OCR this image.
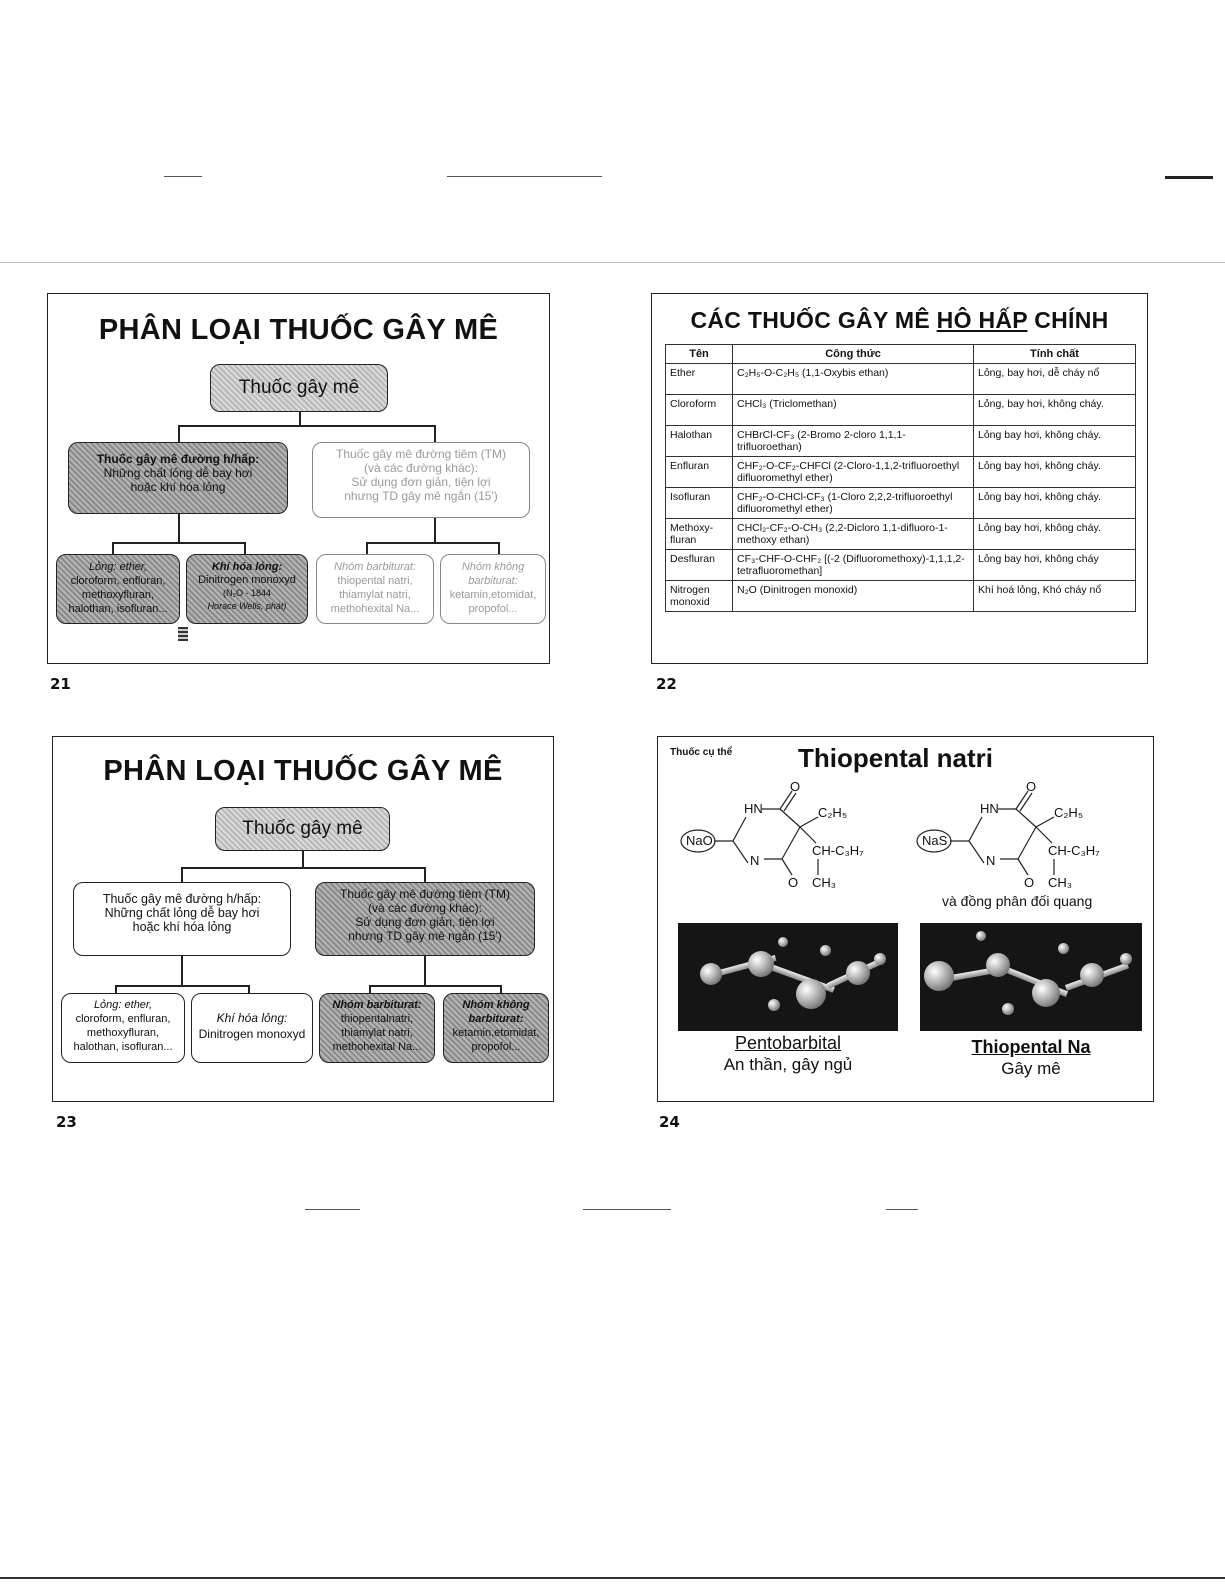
PHÂN LOẠI THUỐC GÂY MÊ
Thuốc gây mê
Thuốc gây mê đường h/hấp:
Những chất lỏng dễ bay hơi
hoặc khí hóa lỏng
Thuốc gây mê đường tiêm (TM)
(và các đường khác):
Sử dụng đơn giản, tiện lợi
nhưng TD gây mê ngắn (15')
Lỏng: ether,
cloroform, enfluran,
methoxyfluran,
halothan, isofluran...
Khí hóa lỏng:
Dinitrogen monoxyd
(N₂O - 1844
Horace Wells, phát)
Nhóm barbiturat:
thiopental natri,
thiamylat natri,
methohexital Na...
Nhóm không
barbiturat:
ketamin,etomidat,
propofol...
21
CÁC THUỐC GÂY MÊ HÔ HẤP CHÍNH
Tên	Công thức	Tính chất
Ether	C₂H₅-O-C₂H₅ (1,1-Oxybis ethan)	Lỏng, bay hơi, dễ cháy nổ
Cloroform	CHCl₃ (Triclomethan)	Lỏng, bay hơi, không cháy.
Halothan	CHBrCl-CF₃ (2-Bromo 2-cloro 1,1,1-trifluoroethan)	Lỏng bay hơi, không cháy.
Enfluran	CHF₂-O-CF₂-CHFCl (2-Cloro-1,1,2-trifluoroethyl difluoromethyl ether)	Lỏng bay hơi, không cháy.
Isofluran	CHF₂-O-CHCl-CF₃ (1-Cloro 2,2,2-trifluoroethyl difluoromethyl ether)	Lỏng bay hơi, không cháy.
Methoxy-fluran	CHCl₂-CF₂-O-CH₃ (2,2-Dicloro 1,1-difluoro-1-methoxy ethan)	Lỏng bay hơi, không cháy.
Desfluran	CF₃-CHF-O-CHF₂ [(-2 (Difluoromethoxy)-1,1,1,2-tetrafluoromethan]	Lỏng bay hơi, không cháy
Nitrogen monoxid	N₂O (Dinitrogen monoxid)	Khí hoá lỏng, Khó cháy nổ
22
PHÂN LOẠI THUỐC GÂY MÊ
Thuốc gây mê
Thuốc gây mê đường h/hấp:
Những chất lỏng dễ bay hơi
hoặc khí hóa lỏng
Thuốc gây mê đường tiêm (TM)
(và các đường khác):
Sử dụng đơn giản, tiện lợi
nhưng TD gây mê ngắn (15')
Lỏng: ether,
cloroform, enfluran,
methoxyfluran,
halothan, isofluran...
Khí hóa lỏng:
Dinitrogen monoxyd
Nhóm barbiturat:
thiopentalnatri,
thiamylat natri,
methohexital Na...
Nhóm không
barbiturat:
ketamin,etomidat,
propofol...
23
Thuốc cụ thể	Thiopental natri
NaO
HN
N
O
O
C₂H₅
CH-C₃H₇
CH₃
NaS
HN
N
O
O
C₂H₅
CH-C₃H₇
CH₃
và đồng phân đối quang
Pentobarbital
An thần, gây ngủ
Thiopental Na
Gây mê
24
